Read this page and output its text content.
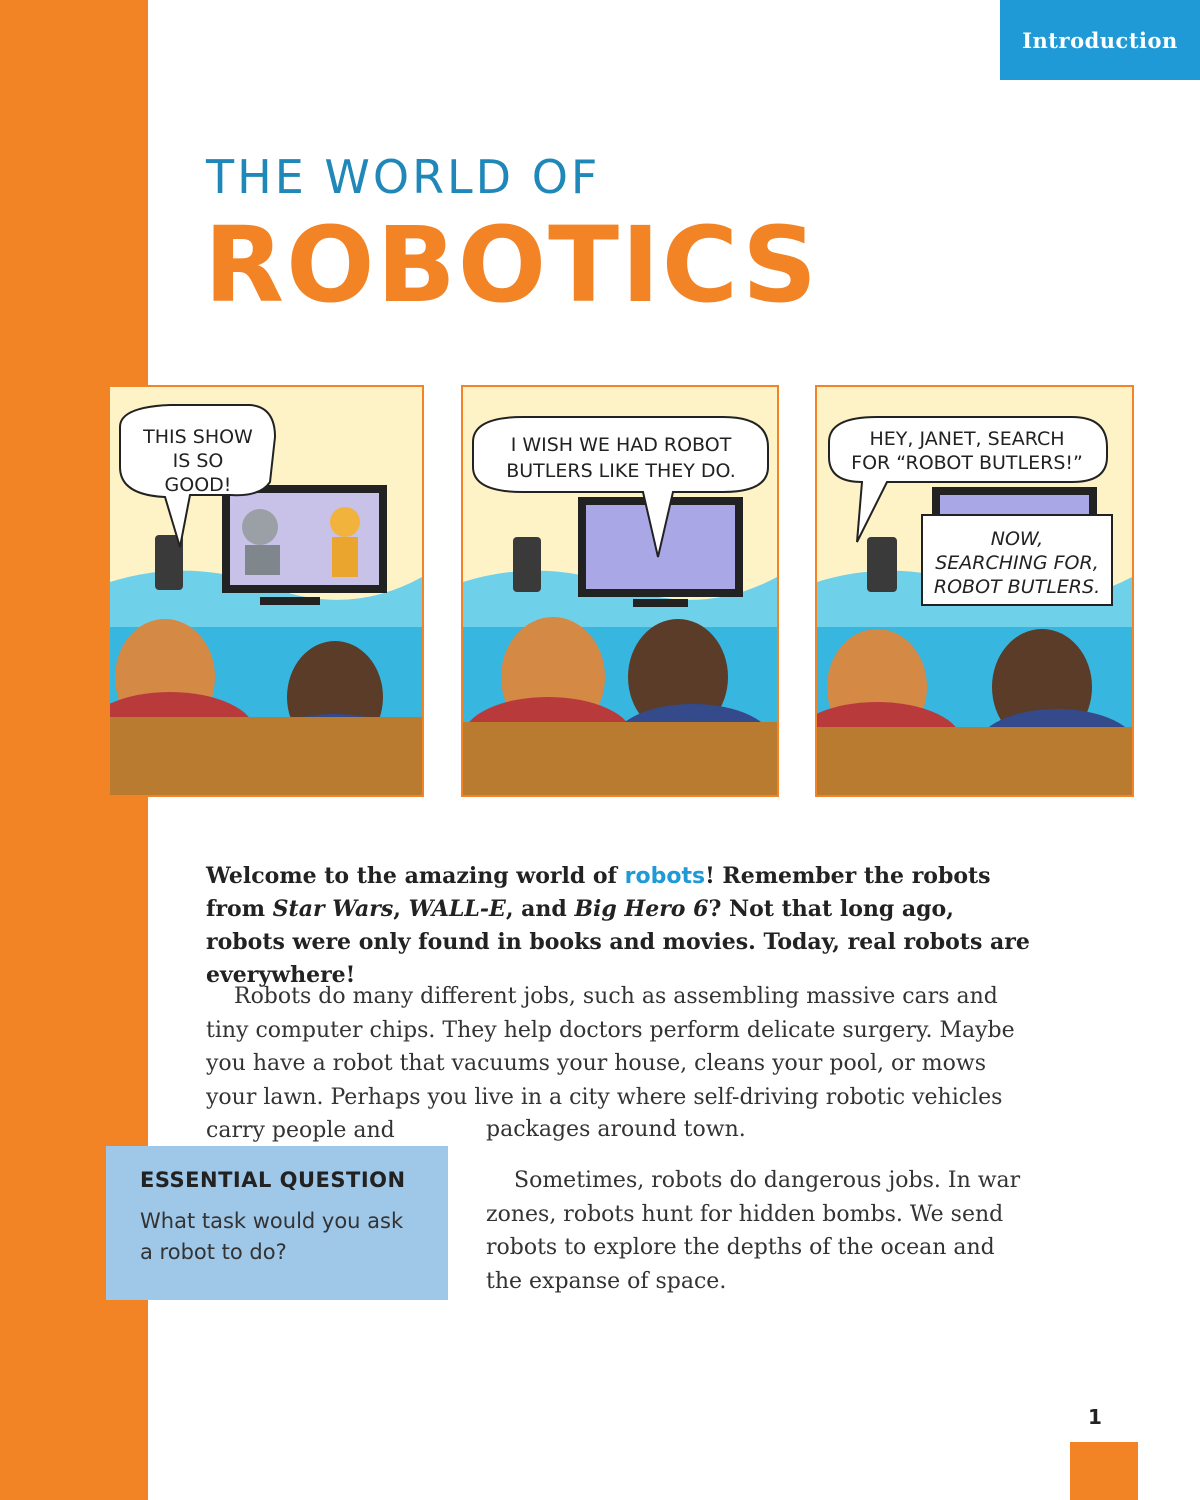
Introduction
THE WORLD OF
ROBOTICS
THIS SHOW
IS SO
GOOD!
I WISH WE HAD ROBOT
BUTLERS LIKE THEY DO.
HEY, JANET, SEARCH
FOR “ROBOT BUTLERS!”
NOW,
SEARCHING FOR,
ROBOT BUTLERS.

Welcome to the amazing world of robots! Remember the robots from Star Wars, WALL-E, and Big Hero 6? Not that long ago, robots were only found in books and movies. Today, real robots are everywhere!

Robots do many different jobs, such as assembling massive cars and tiny computer chips. They help doctors perform delicate surgery. Maybe you have a robot that vacuums your house, cleans your pool, or mows your lawn. Perhaps you live in a city where self-driving robotic vehicles carry people and	packages around town.

ESSENTIAL QUESTION
What task would you ask a robot to do?

Sometimes, robots do dangerous jobs. In war zones, robots hunt for hidden bombs. We send robots to explore the depths of the ocean and the expanse of space.

1
